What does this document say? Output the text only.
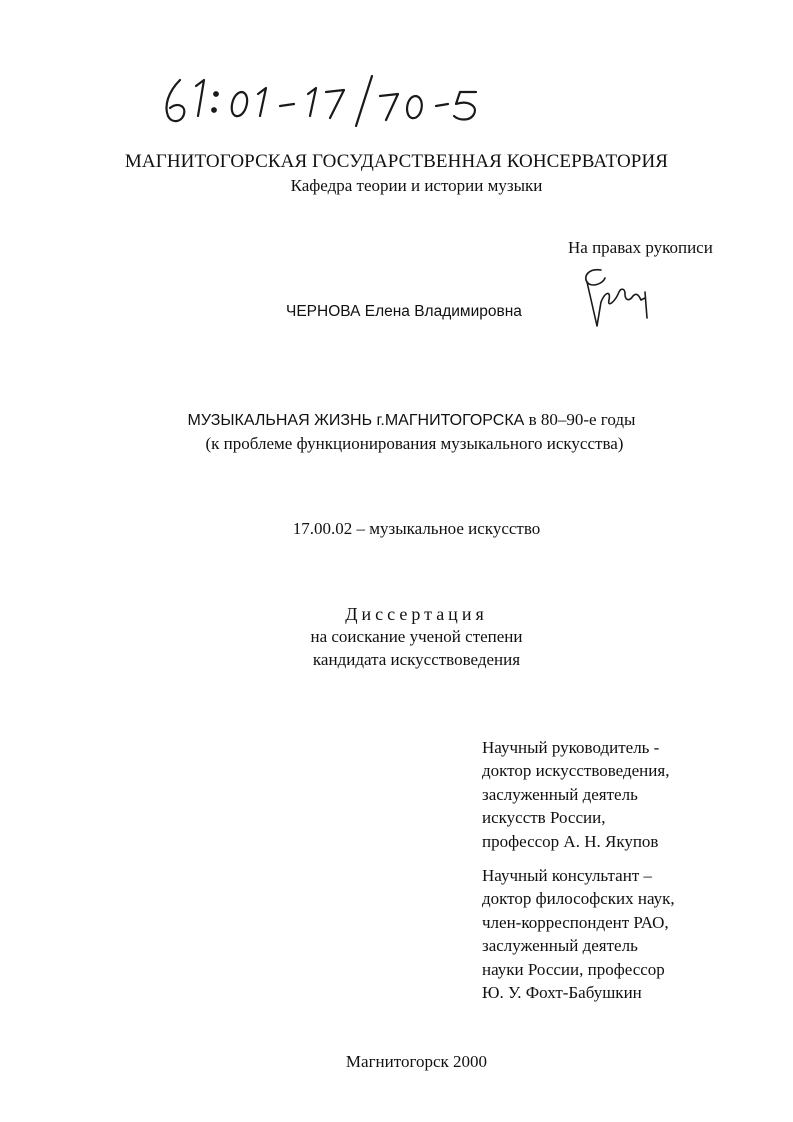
МАГНИТОГОРСКАЯ ГОСУДАРСТВЕННАЯ КОНСЕРВАТОРИЯ
Кафедра теории и истории музыки
На правах рукописи
ЧЕРНОВА Елена Владимировна
МУЗЫКАЛЬНАЯ ЖИЗНЬ г.МАГНИТОГОРСКА в 80–90-е годы
(к проблеме функционирования музыкального искусства)
17.00.02 – музыкальное искусство
Диссертация
на соискание ученой степени
кандидата искусствоведения
Научный руководитель -
доктор искусствоведения,
заслуженный деятель
искусств России,
профессор А. Н. Якупов
Научный консультант –
доктор философских наук,
член-корреспондент РАО,
заслуженный деятель
науки России, профессор
Ю. У. Фохт-Бабушкин
Магнитогорск 2000
